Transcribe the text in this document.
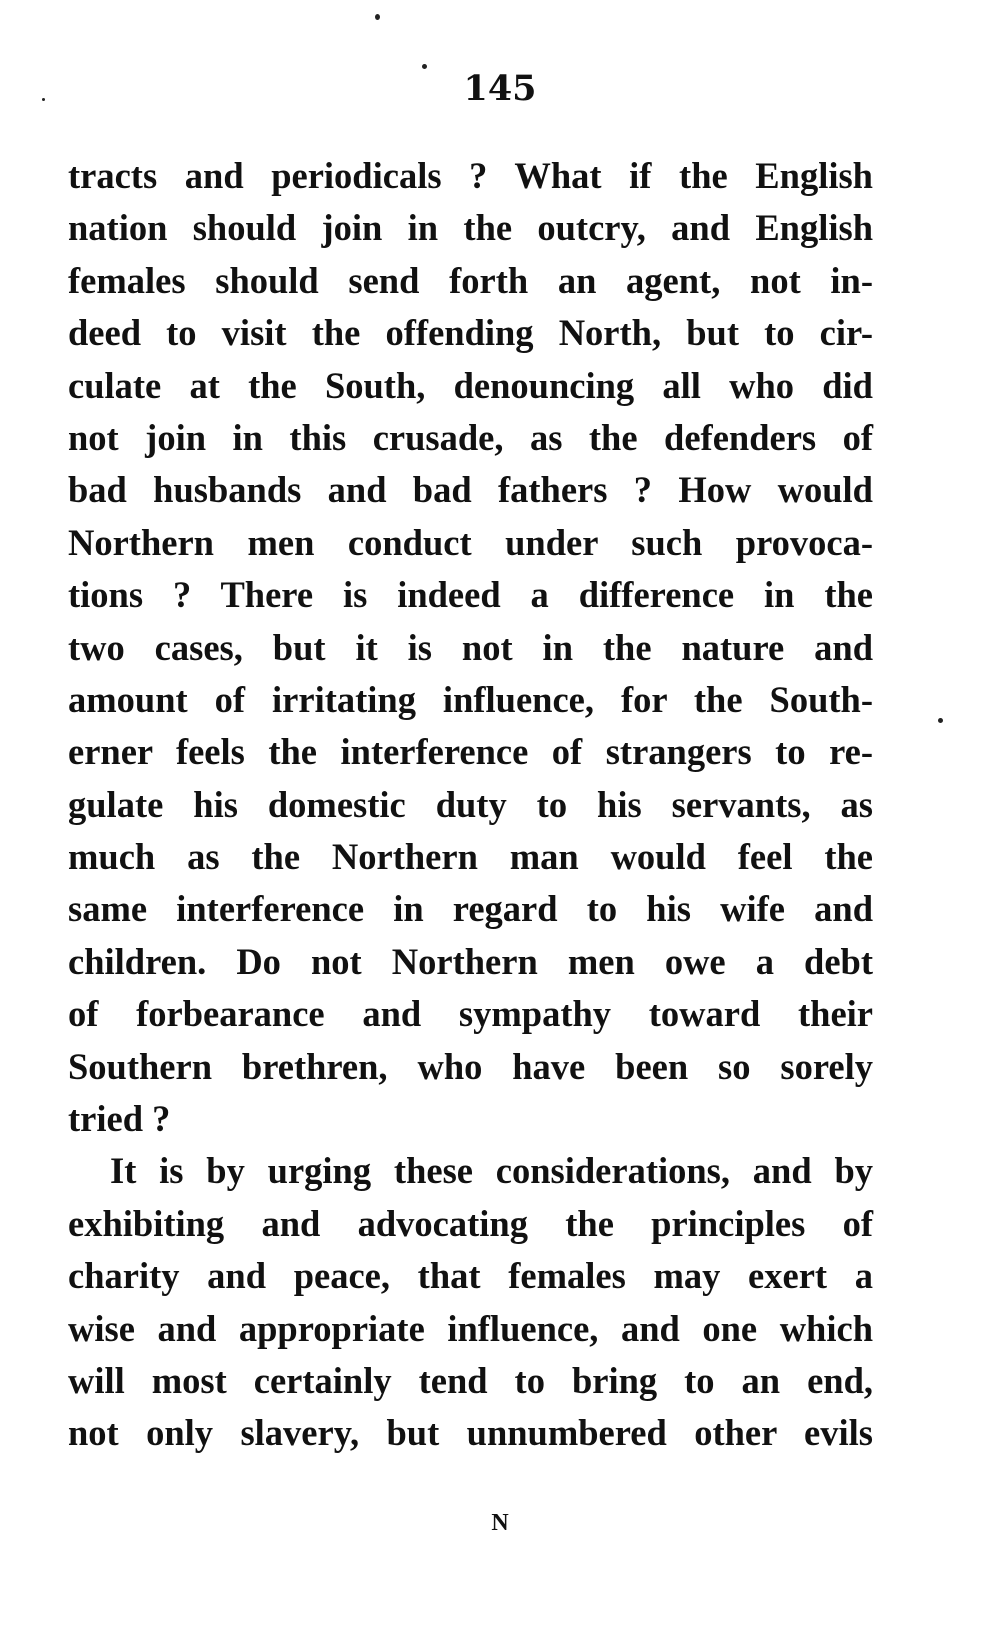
145
tracts and periodicals ? What if the English
nation should join in the outcry, and English
females should send forth an agent, not in-
deed to visit the offending North, but to cir-
culate at the South, denouncing all who did
not join in this crusade, as the defenders of
bad husbands and bad fathers ? How would
Northern men conduct under such provoca-
tions ? There is indeed a difference in the
two cases, but it is not in the nature and
amount of irritating influence, for the South-
erner feels the interference of strangers to re-
gulate his domestic duty to his servants, as
much as the Northern man would feel the
same interference in regard to his wife and
children. Do not Northern men owe a debt
of forbearance and sympathy toward their
Southern brethren, who have been so sorely
tried ?
It is by urging these considerations, and by
exhibiting and advocating the principles of
charity and peace, that females may exert a
wise and appropriate influence, and one which
will most certainly tend to bring to an end,
not only slavery, but unnumbered other evils
N
